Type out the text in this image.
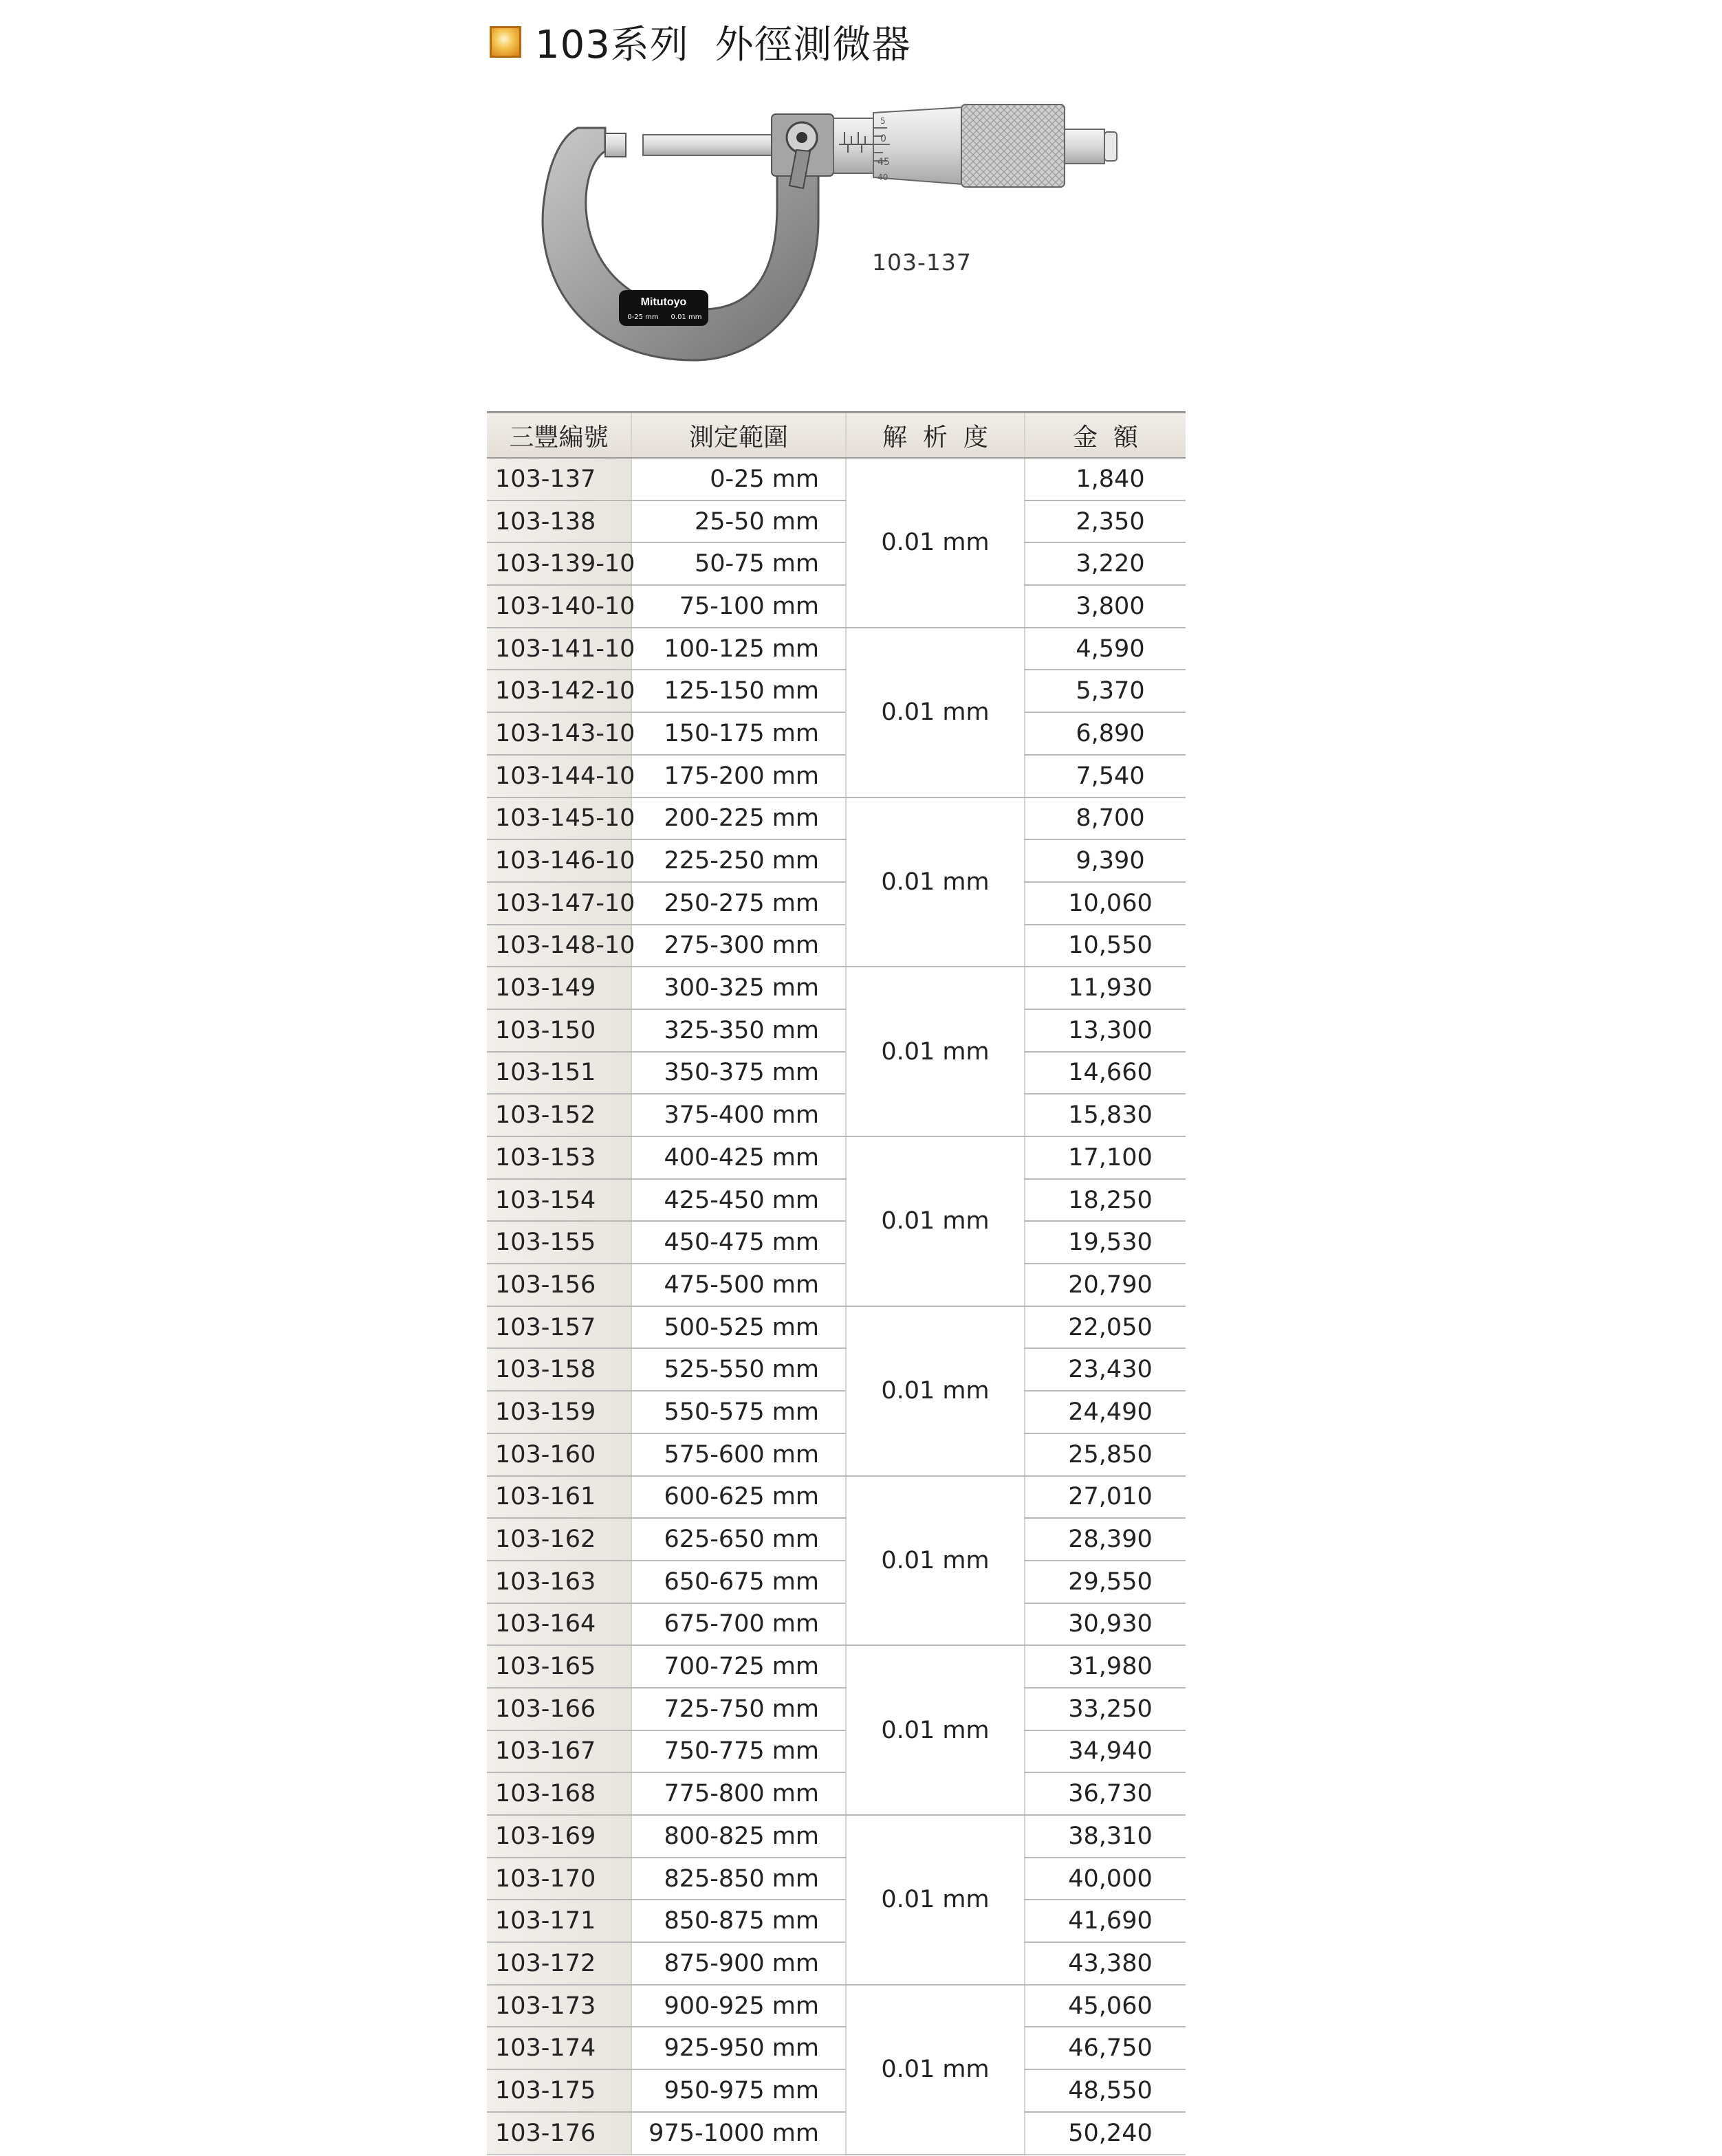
103系列  外徑測微器
5
0
45
40
Mitutoyo
0-25 mm 0.01 mm
103-137
三豐編號	測定範圍	解  析  度	金  額
103-137	0-25 mm	0.01 mm	1,840
103-138	25-50 mm		2,350
103-139-10	50-75 mm		3,220
103-140-10	75-100 mm		3,800
103-141-10	100-125 mm	0.01 mm	4,590
103-142-10	125-150 mm		5,370
103-143-10	150-175 mm		6,890
103-144-10	175-200 mm		7,540
103-145-10	200-225 mm	0.01 mm	8,700
103-146-10	225-250 mm		9,390
103-147-10	250-275 mm		10,060
103-148-10	275-300 mm		10,550
103-149	300-325 mm	0.01 mm	11,930
103-150	325-350 mm		13,300
103-151	350-375 mm		14,660
103-152	375-400 mm		15,830
103-153	400-425 mm	0.01 mm	17,100
103-154	425-450 mm		18,250
103-155	450-475 mm		19,530
103-156	475-500 mm		20,790
103-157	500-525 mm	0.01 mm	22,050
103-158	525-550 mm		23,430
103-159	550-575 mm		24,490
103-160	575-600 mm		25,850
103-161	600-625 mm	0.01 mm	27,010
103-162	625-650 mm		28,390
103-163	650-675 mm		29,550
103-164	675-700 mm		30,930
103-165	700-725 mm	0.01 mm	31,980
103-166	725-750 mm		33,250
103-167	750-775 mm		34,940
103-168	775-800 mm		36,730
103-169	800-825 mm	0.01 mm	38,310
103-170	825-850 mm		40,000
103-171	850-875 mm		41,690
103-172	875-900 mm		43,380
103-173	900-925 mm	0.01 mm	45,060
103-174	925-950 mm		46,750
103-175	950-975 mm		48,550
103-176	975-1000 mm		50,240
